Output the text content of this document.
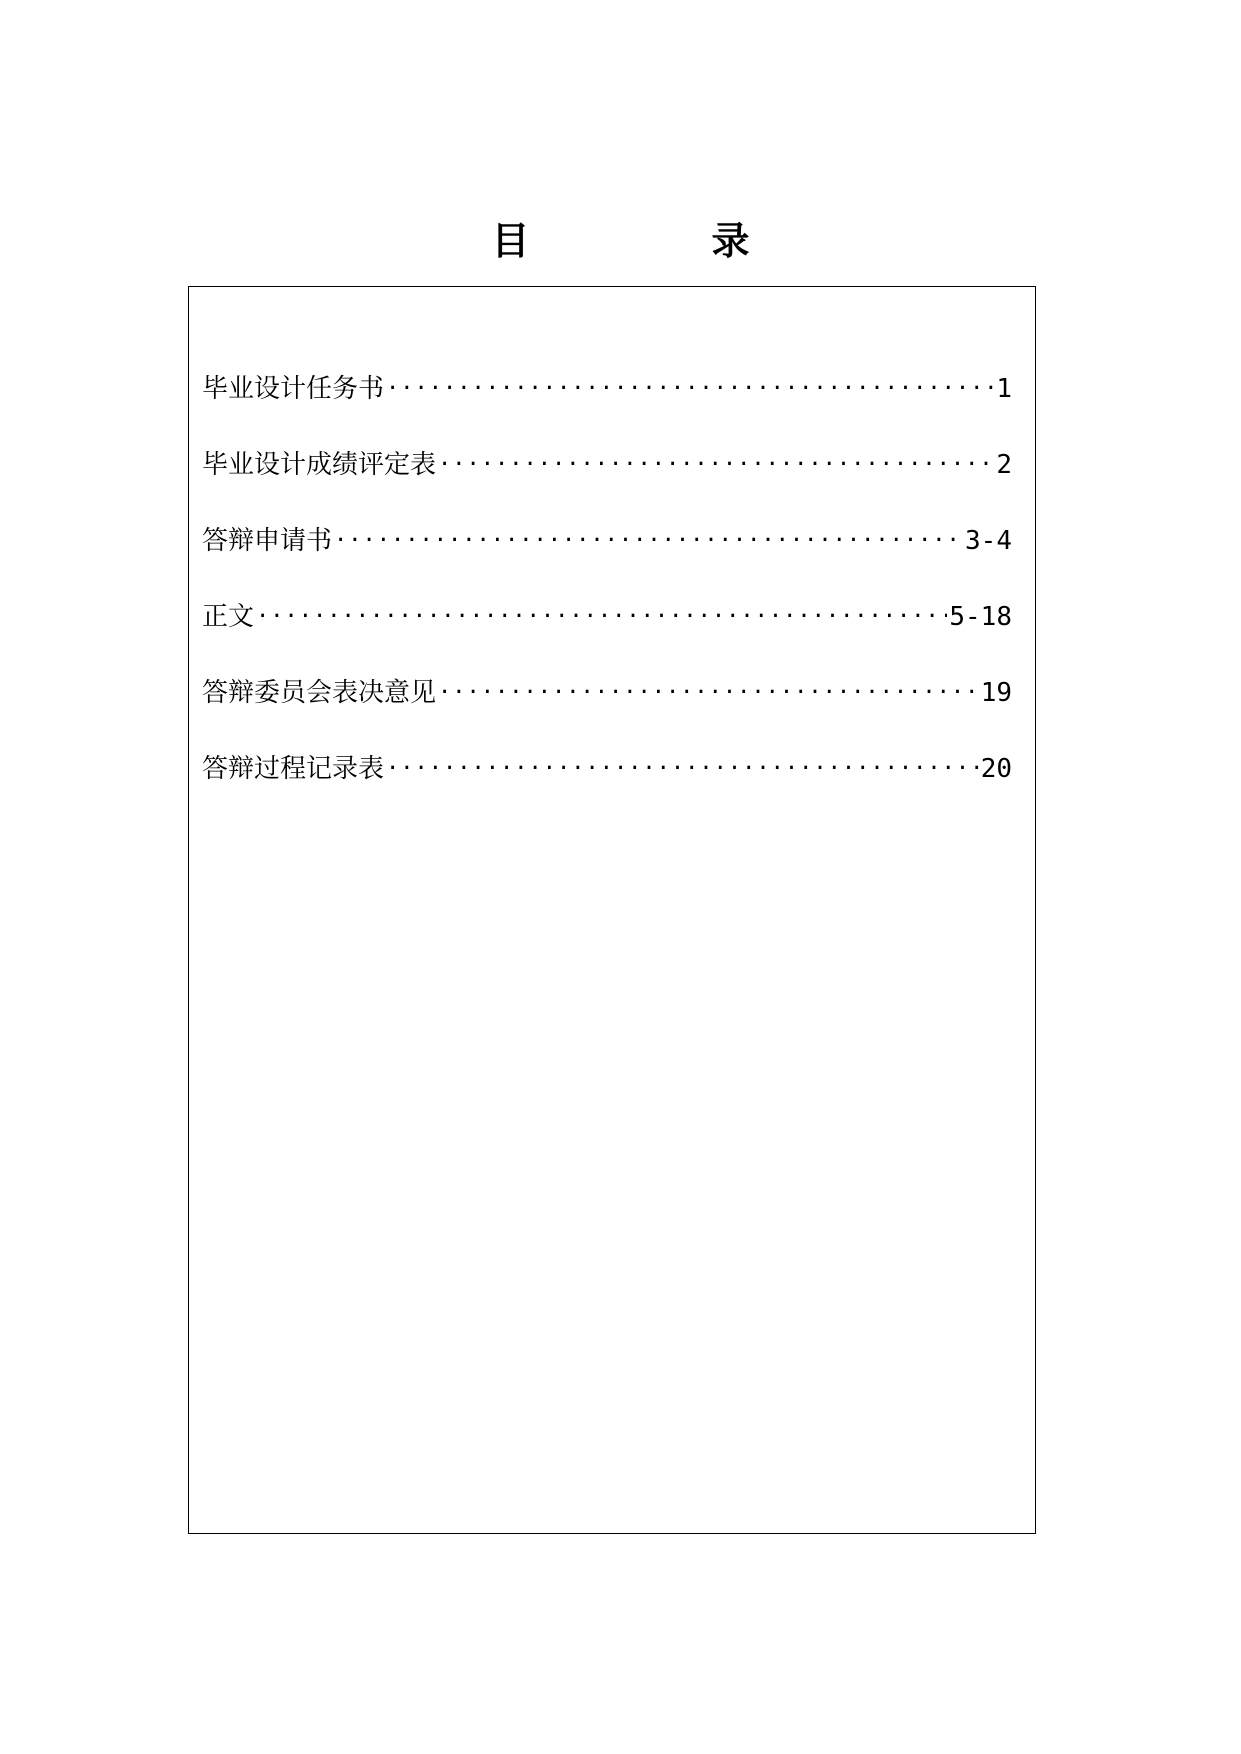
目　录
毕业设计任务书 ·····	1
毕业设计成绩评定表 ·····	2
答辩申请书 ·····	3-4
正文 ·····	5-18
答辩委员会表决意见 ·····	19
答辩过程记录表 ·····	20
